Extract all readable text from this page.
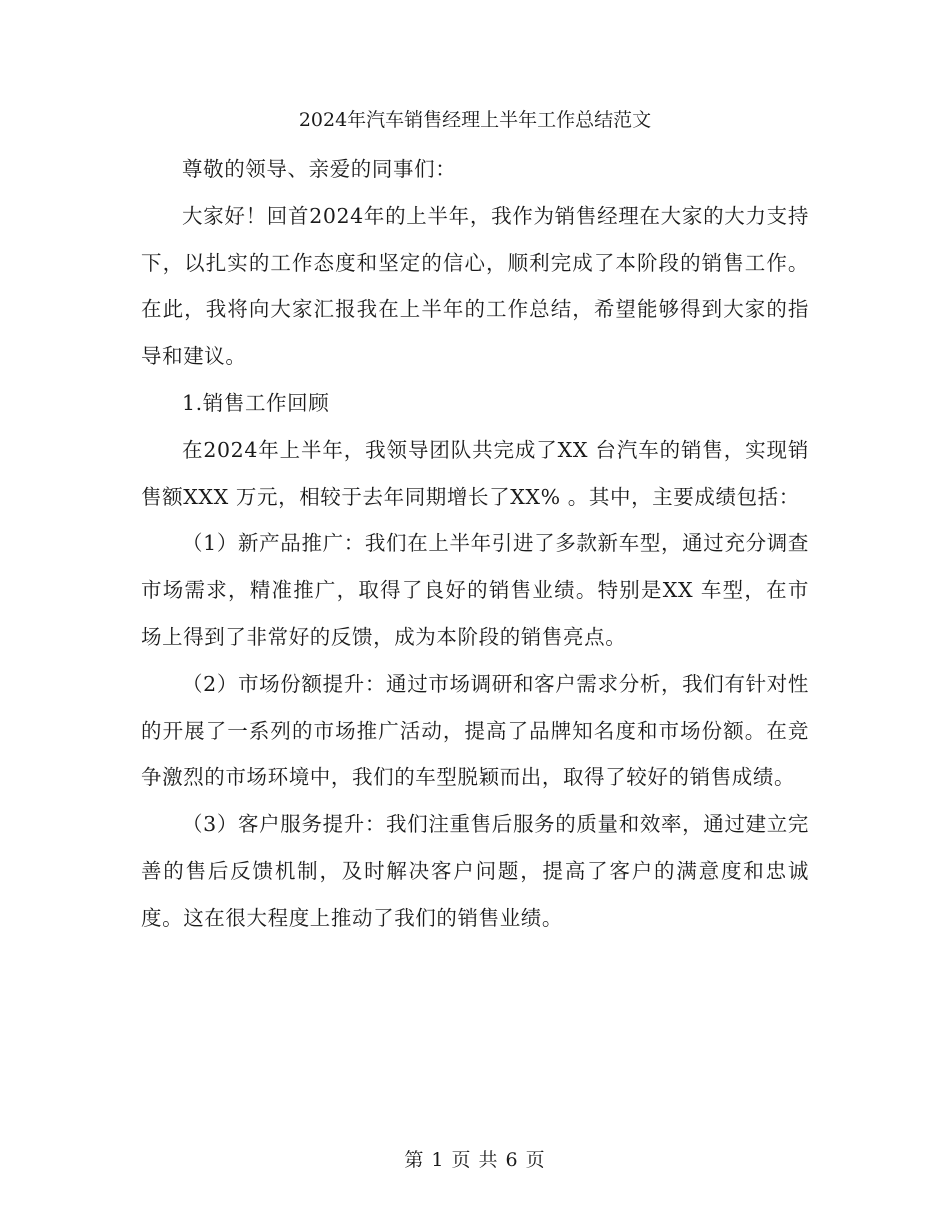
2024年汽车销售经理上半年工作总结范文

尊敬的领导、亲爱的同事们：

大家好！回首2024年的上半年，我作为销售经理在大家的大力支持下，以扎实的工作态度和坚定的信心，顺利完成了本阶段的销售工作。在此，我将向大家汇报我在上半年的工作总结，希望能够得到大家的指导和建议。

1.销售工作回顾

在2024年上半年，我领导团队共完成了XX 台汽车的销售，实现销售额XXX 万元，相较于去年同期增长了XX% 。其中，主要成绩包括：

（1）新产品推广：我们在上半年引进了多款新车型，通过充分调查市场需求，精准推广，取得了良好的销售业绩。特别是XX 车型，在市场上得到了非常好的反馈，成为本阶段的销售亮点。

（2）市场份额提升：通过市场调研和客户需求分析，我们有针对性的开展了一系列的市场推广活动，提高了品牌知名度和市场份额。在竞争激烈的市场环境中，我们的车型脱颖而出，取得了较好的销售成绩。

（3）客户服务提升：我们注重售后服务的质量和效率，通过建立完善的售后反馈机制，及时解决客户问题，提高了客户的满意度和忠诚度。这在很大程度上推动了我们的销售业绩。

第 1 页 共 6 页
